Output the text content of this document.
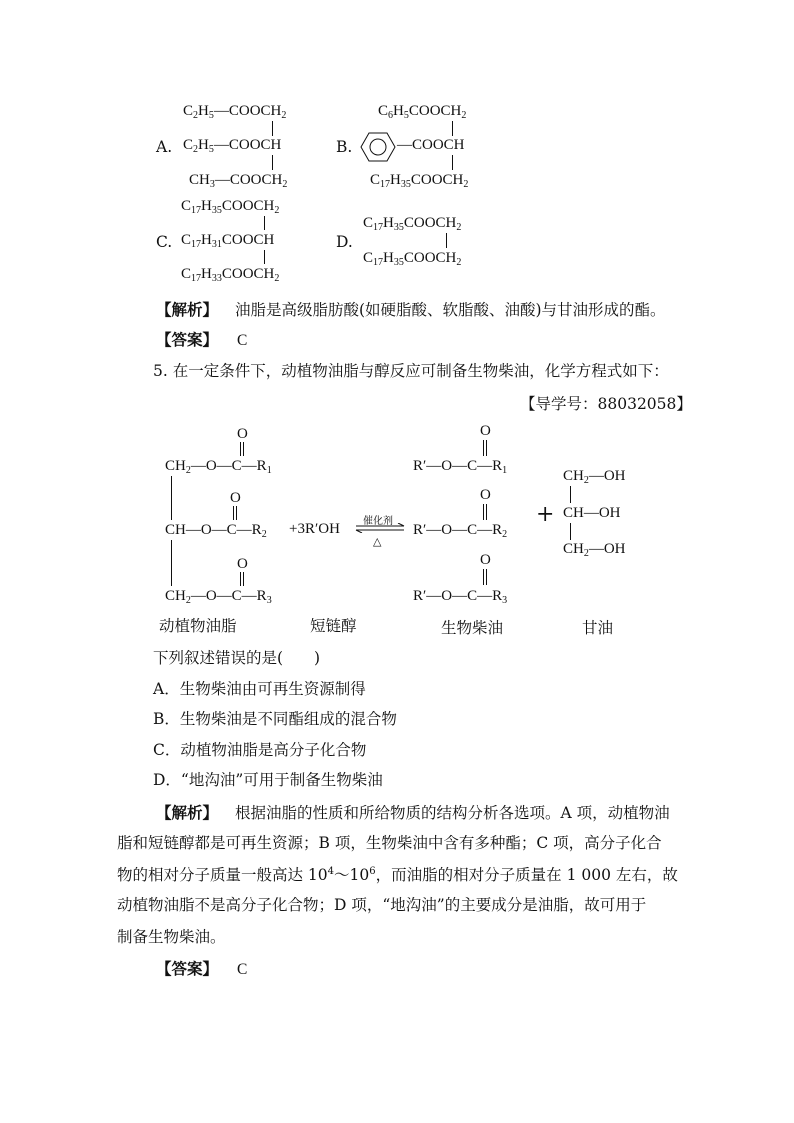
$C_2H_5—COOCH_2$
A. $C_2H_5—COOCH$
$CH_3—COOCH_2$
$C_6H_5COOCH_2$
B.	—COOCH
$C_{17}H_{35}COOCH_2$
$C_{17}H_{35}COOCH_2$
C. $C_{17}H_{31}COOCH$
$C_{17}H_{33}COOCH_2$
$C_{17}H_{35}COOCH_2$
D.
$C_{17}H_{35}COOCH_2$
【解析】 油脂是高级脂肪酸(如硬脂酸、软脂酸、油酸)与甘油形成的酯。
【答案】 C
5. 在一定条件下，动植物油脂与醇反应可制备生物柴油，化学方程式如下：
【导学号：88032058】
$CH_2—O—C—R_1$
O
$CH—O—C—R_2$
O
$CH_2—O—C—R_3$
O
+3R′OH 催化剂
△
$R'—O—C—R_1$
O
$R'—O—C—R_2$
O
$R'—O—C—R_3$
O
+
$CH_2—OH$
CH—OH
$CH_2—OH$
动植物油脂	短链醇	生物柴油	甘油
下列叙述错误的是(　　)
A．生物柴油由可再生资源制得
B．生物柴油是不同酯组成的混合物
C．动植物油脂是高分子化合物
D．“地沟油”可用于制备生物柴油
【解析】 根据油脂的性质和所给物质的结构分析各选项。A 项，动植物油
脂和短链醇都是可再生资源；B 项，生物柴油中含有多种酯；C 项，高分子化合
物的相对分子质量一般高达 $10^4\sim 10^6$，而油脂的相对分子质量在 1 000 左右，故
动植物油脂不是高分子化合物；D 项，“地沟油”的主要成分是油脂，故可用于
制备生物柴油。
【答案】 C
